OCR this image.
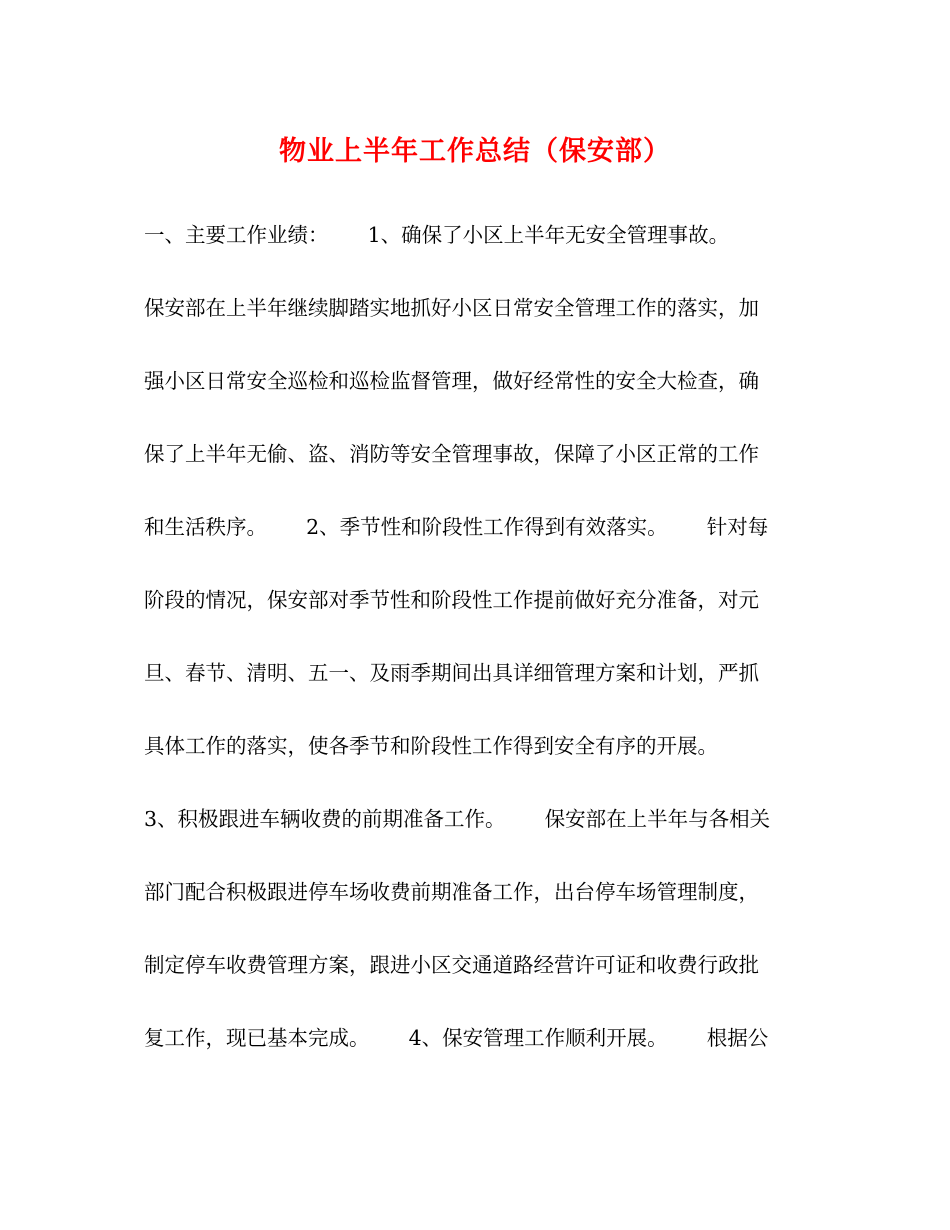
物业上半年工作总结（保安部）
一、主要工作业绩：      1、确保了小区上半年无安全管理事故。
保安部在上半年继续脚踏实地抓好小区日常安全管理工作的落实，加
强小区日常安全巡检和巡检监督管理，做好经常性的安全大检查，确
保了上半年无偷、盗、消防等安全管理事故，保障了小区正常的工作
和生活秩序。      2、季节性和阶段性工作得到有效落实。      针对每
阶段的情况，保安部对季节性和阶段性工作提前做好充分准备，对元
旦、春节、清明、五一、及雨季期间出具详细管理方案和计划，严抓
具体工作的落实，使各季节和阶段性工作得到安全有序的开展。
3、积极跟进车辆收费的前期准备工作。      保安部在上半年与各相关
部门配合积极跟进停车场收费前期准备工作，出台停车场管理制度，
制定停车收费管理方案，跟进小区交通道路经营许可证和收费行政批
复工作，现已基本完成。      4、保安管理工作顺利开展。      根据公
